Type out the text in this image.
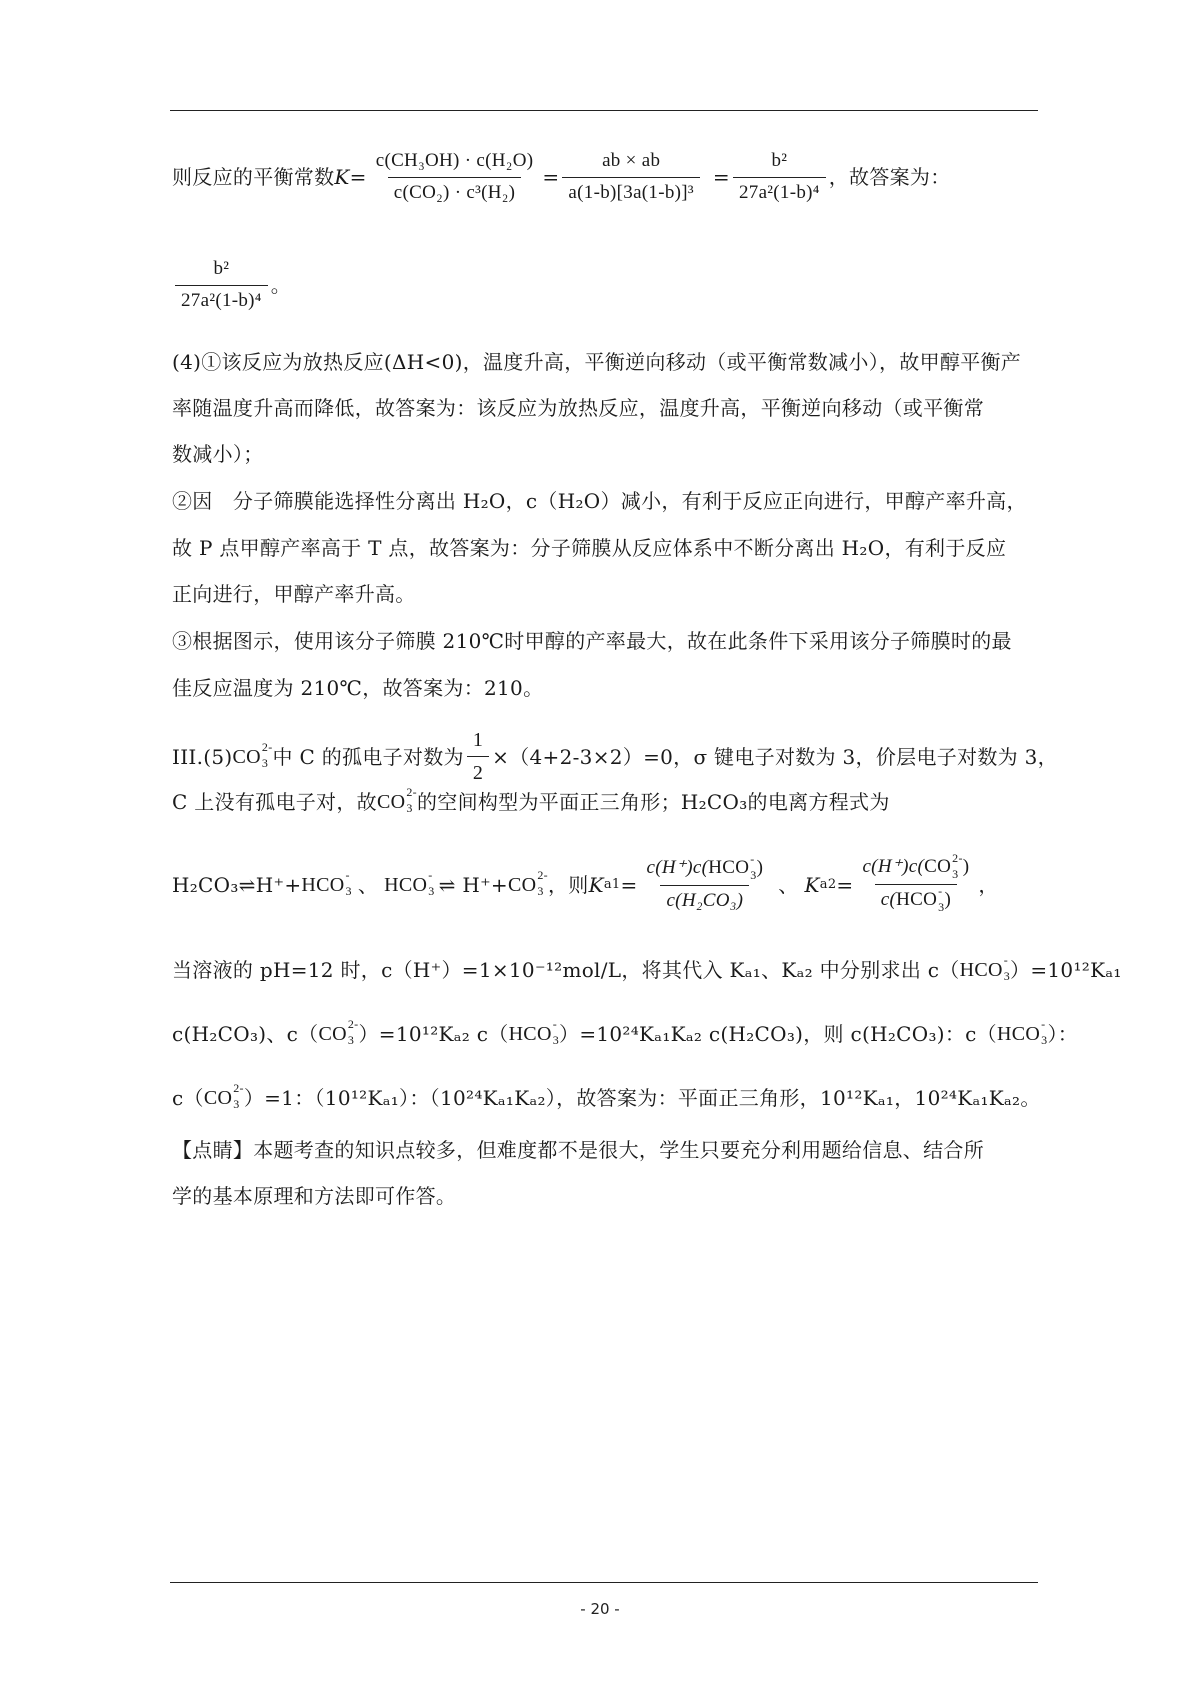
则反应的平衡常数 $K = \frac{\text{c(CH₃OH) · c(H₂O)}}{\text{c(CO₂) · c³(H₂)}} = \frac{ab \times ab}{\text{a(1-b)[3a(1-b)]³}} = \frac{\text{b²}}{\text{27a²(1-b)⁴}}$ ，故答案为：
$\frac{\text{b²}}{\text{27a²(1-b)⁴}}$ 。
(4)①该反应为放热反应(ΔH<0)，温度升高，平衡逆向移动（或平衡常数减小），故甲醇平衡产
率随温度升高而降低，故答案为：该反应为放热反应，温度升高，平衡逆向移动（或平衡常
数减小）；
②因　分子筛膜能选择性分离出 H₂O，c（H₂O）减小，有利于反应正向进行，甲醇产率升高，
故 P 点甲醇产率高于 T 点，故答案为：分子筛膜从反应体系中不断分离出 H₂O，有利于反应
正向进行，甲醇产率升高。
③根据图示，使用该分子筛膜 210℃时甲醇的产率最大，故在此条件下采用该分子筛膜时的最
佳反应温度为 210℃，故答案为：210。
III.(5) CO 2-
3 中 C 的孤电子对数为 $\frac{1}{2} \times(4+2-3\times 2)=0$，σ 键电子对数为 3，价层电子对数为 3，
C 上没有孤电子对，故 CO 2-
3 的空间构型为平面正三角形；H₂CO₃的电离方程式为
H₂CO₃⇌H⁺+ HCO -
3 、 HCO -
3 ⇌ H⁺+ CO 2-
3 ，则 K a1 = c(H⁺)c( HCO -
3 )
c(H₂CO₃) 、 K a2 = c(H⁺)c( CO 2-
3 )
c( HCO -
3 ) ，
当溶液的 pH=12 时，c（H⁺）=1×10⁻¹²mol/L，将其代入 Kₐ₁、Kₐ₂ 中分别求出 c（ HCO -
3 ）=10¹²Kₐ₁
c(H₂CO₃)、c（ CO 2-
3 ）=10¹²Kₐ₂ c（ HCO -
3 ）=10²⁴Kₐ₁Kₐ₂ c(H₂CO₃)，则 c(H₂CO₃)：c（ HCO -
3 ）：
c（ CO 2-
3 ）=1：（10¹²Kₐ₁）：（10²⁴Kₐ₁Kₐ₂），故答案为：平面正三角形，10¹²Kₐ₁，10²⁴Kₐ₁Kₐ₂。
【点睛】本题考查的知识点较多，但难度都不是很大，学生只要充分利用题给信息、结合所
学的基本原理和方法即可作答。
- 20 -
